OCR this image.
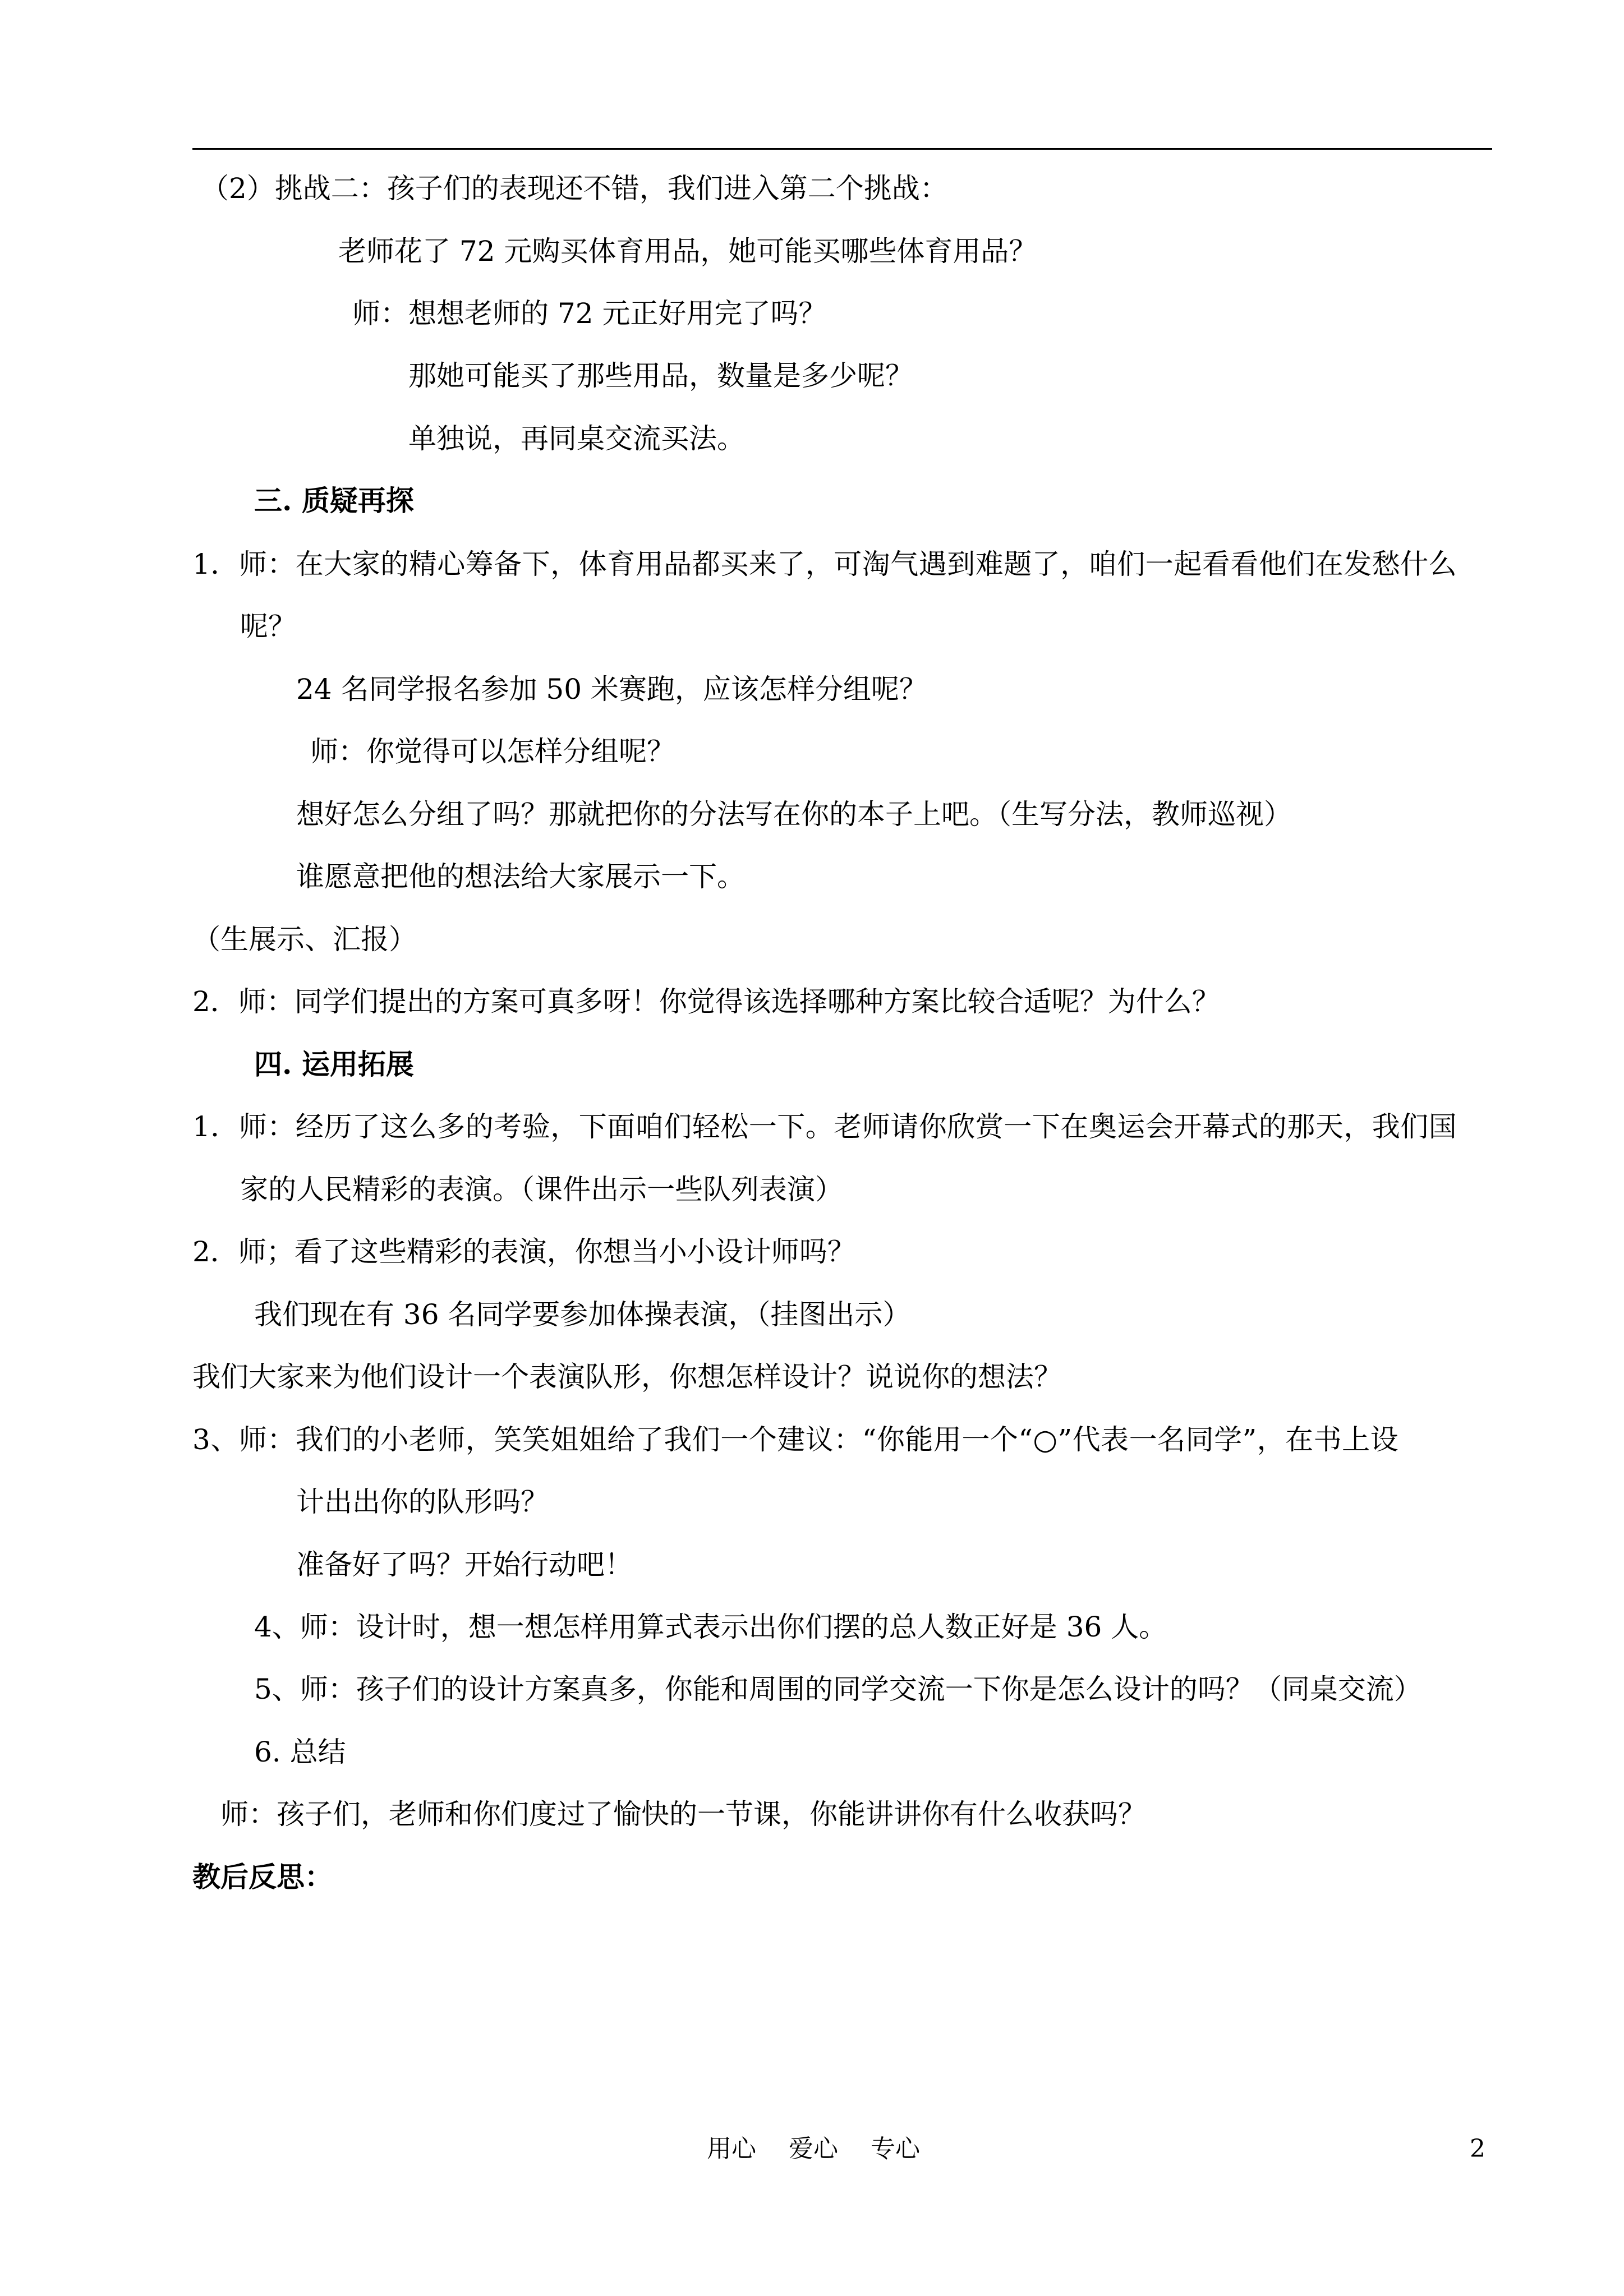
（2）挑战二：孩子们的表现还不错，我们进入第二个挑战：
老师花了 72 元购买体育用品，她可能买哪些体育用品？
师：想想老师的 72 元正好用完了吗？
那她可能买了那些用品，数量是多少呢？
单独说，再同桌交流买法。
三. 质疑再探
1．师：在大家的精心筹备下，体育用品都买来了，可淘气遇到难题了，咱们一起看看他们在发愁什么
呢？
24 名同学报名参加 50 米赛跑，应该怎样分组呢？
师：你觉得可以怎样分组呢？
想好怎么分组了吗？那就把你的分法写在你的本子上吧。（生写分法，教师巡视）
谁愿意把他的想法给大家展示一下。
（生展示、汇报）
2．师：同学们提出的方案可真多呀！你觉得该选择哪种方案比较合适呢？为什么？
四. 运用拓展
1．师：经历了这么多的考验，下面咱们轻松一下。老师请你欣赏一下在奥运会开幕式的那天，我们国
家的人民精彩的表演。（课件出示一些队列表演）
2．师；看了这些精彩的表演，你想当小小设计师吗？
我们现在有 36 名同学要参加体操表演，（挂图出示）
我们大家来为他们设计一个表演队形，你想怎样设计？说说你的想法？
3、师：我们的小老师，笑笑姐姐给了我们一个建议：“你能用一个“○”代表一名同学”，在书上设
计出出你的队形吗？
准备好了吗？开始行动吧！
4、师：设计时，想一想怎样用算式表示出你们摆的总人数正好是 36 人。
5、师：孩子们的设计方案真多，你能和周围的同学交流一下你是怎么设计的吗？（同桌交流）
6. 总结
师：孩子们，老师和你们度过了愉快的一节课，你能讲讲你有什么收获吗？
教后反思：
用心 爱心 专心	2
